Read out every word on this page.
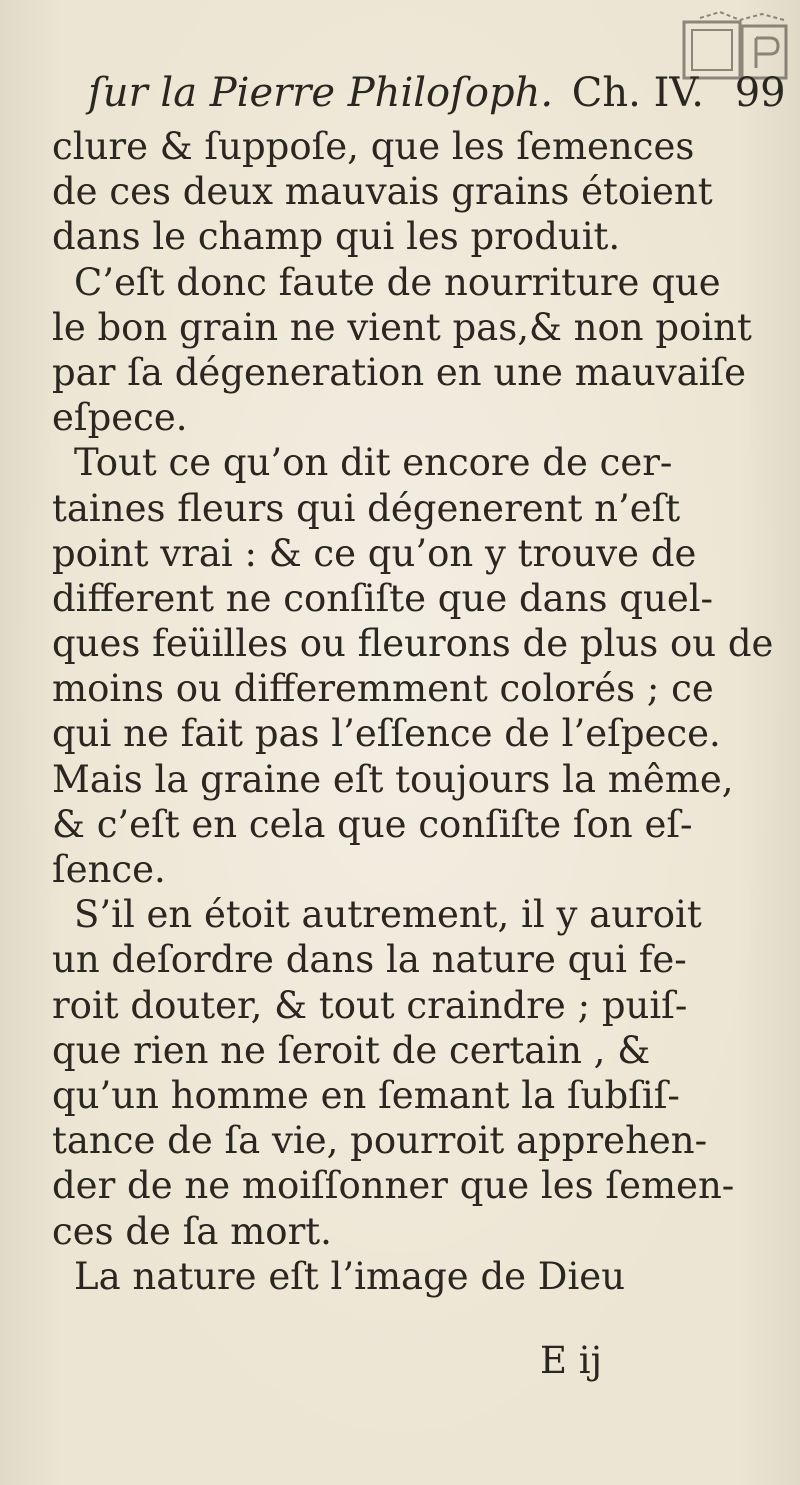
ſur la Pierre Philoſoph. Ch. IV. 99
clure & ſuppoſe, que les ſemences
de ces deux mauvais grains étoient
dans le champ qui les produit.
C’eſt donc faute de nourriture que
le bon grain ne vient pas,& non point
par ſa dégeneration en une mauvaiſe
eſpece.
Tout ce qu’on dit encore de cer-
taines fleurs qui dégenerent n’eſt
point vrai : & ce qu’on y trouve de
different ne conſiſte que dans quel-
ques feüilles ou fleurons de plus ou de
moins ou differemment colorés ; ce
qui ne fait pas l’eſſence de l’eſpece.
Mais la graine eſt toujours la même,
& c’eſt en cela que conſiſte ſon eſ-
ſence.
S’il en étoit autrement, il y auroit
un deſordre dans la nature qui fe-
roit douter, & tout craindre ; puiſ-
que rien ne ſeroit de certain , &
qu’un homme en ſemant la ſubſiſ-
tance de ſa vie, pourroit apprehen-
der de ne moiſſonner que les ſemen-
ces de ſa mort.
La nature eſt l’image de Dieu
E ij
